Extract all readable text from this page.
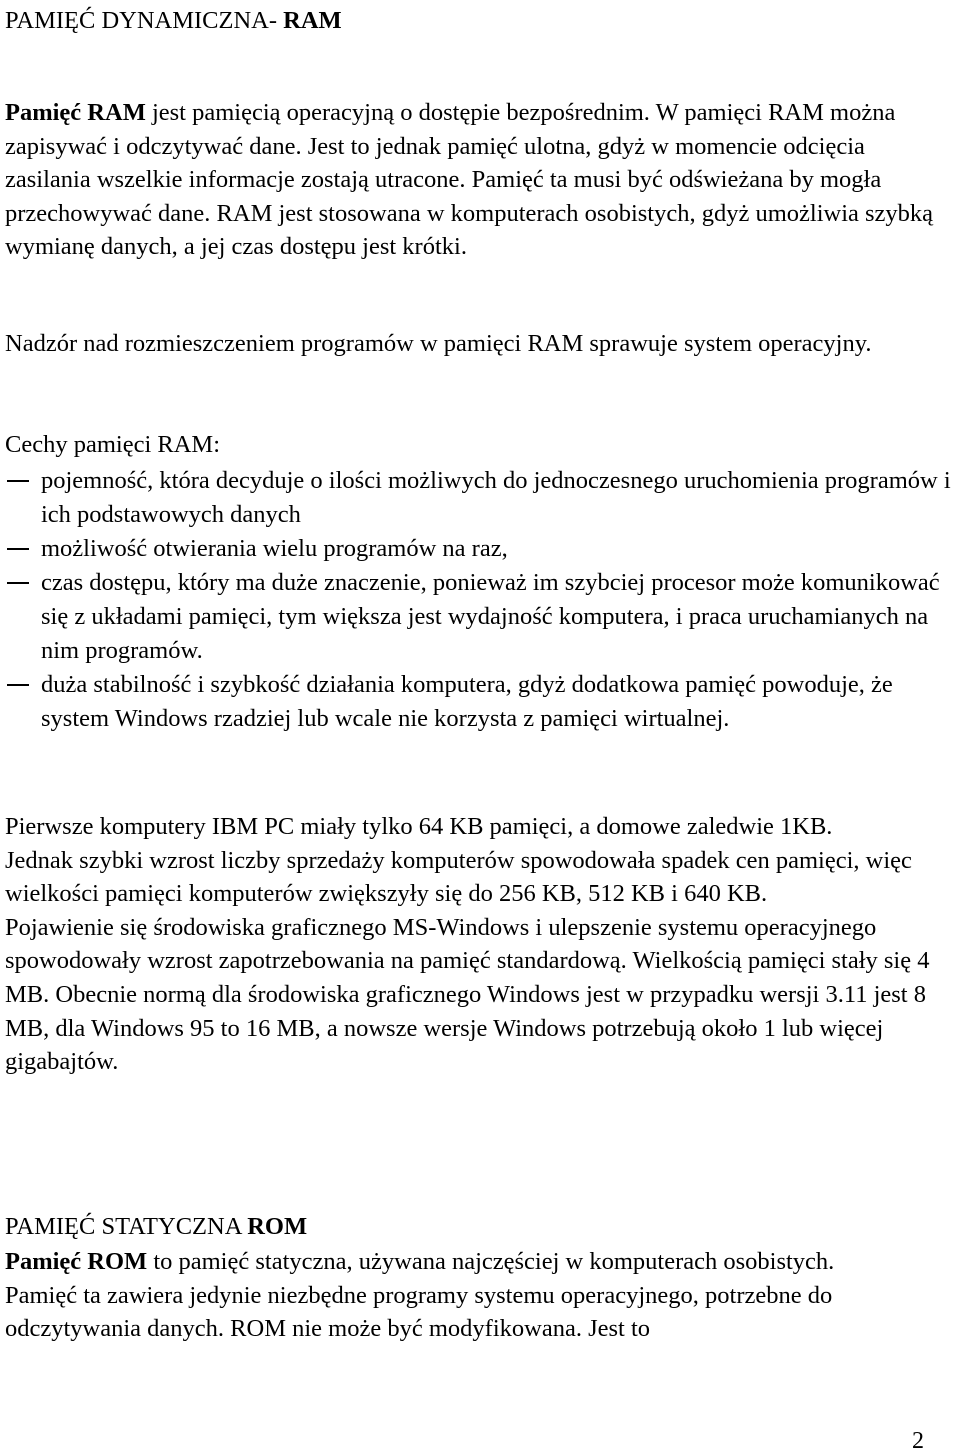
PAMIĘĆ DYNAMICZNA- RAM

Pamięć RAM jest pamięcią operacyjną o dostępie bezpośrednim. W pamięci RAM można zapisywać i odczytywać dane. Jest to jednak pamięć ulotna, gdyż w momencie odcięcia zasilania wszelkie informacje zostają utracone. Pamięć ta musi być odświeżana by mogła przechowywać dane. RAM jest stosowana w komputerach osobistych, gdyż umożliwia szybką wymianę danych, a jej czas dostępu jest krótki.

Nadzór nad rozmieszczeniem programów w pamięci RAM sprawuje system operacyjny.

Cechy pamięci RAM:

pojemność, która decyduje o ilości możliwych do jednoczesnego uruchomienia programów i ich podstawowych danych
możliwość otwierania wielu programów na raz,
czas dostępu, który ma duże znaczenie, ponieważ im szybciej procesor może komunikować się z układami pamięci, tym większa jest wydajność komputera, i praca uruchamianych na nim programów.
duża stabilność i szybkość działania komputera, gdyż dodatkowa pamięć powoduje, że system Windows rzadziej lub wcale nie korzysta z pamięci wirtualnej.

Pierwsze komputery IBM PC miały tylko 64 KB pamięci, a domowe zaledwie 1KB.

Jednak szybki wzrost liczby sprzedaży komputerów spowodowała spadek cen pamięci, więc wielkości pamięci komputerów zwiększyły się do 256 KB, 512 KB i 640 KB.

Pojawienie się środowiska graficznego MS-Windows i ulepszenie systemu operacyjnego spowodowały wzrost zapotrzebowania na pamięć standardową. Wielkością pamięci stały się 4 MB. Obecnie normą dla środowiska graficznego Windows jest w przypadku wersji 3.11 jest 8 MB, dla Windows 95 to 16 MB, a nowsze wersje Windows potrzebują około 1 lub więcej gigabajtów.

PAMIĘĆ STATYCZNA ROM

Pamięć ROM to pamięć statyczna, używana najczęściej w komputerach osobistych.

Pamięć ta zawiera jedynie niezbędne programy systemu operacyjnego, potrzebne do odczytywania danych. ROM nie może być modyfikowana. Jest to

2
